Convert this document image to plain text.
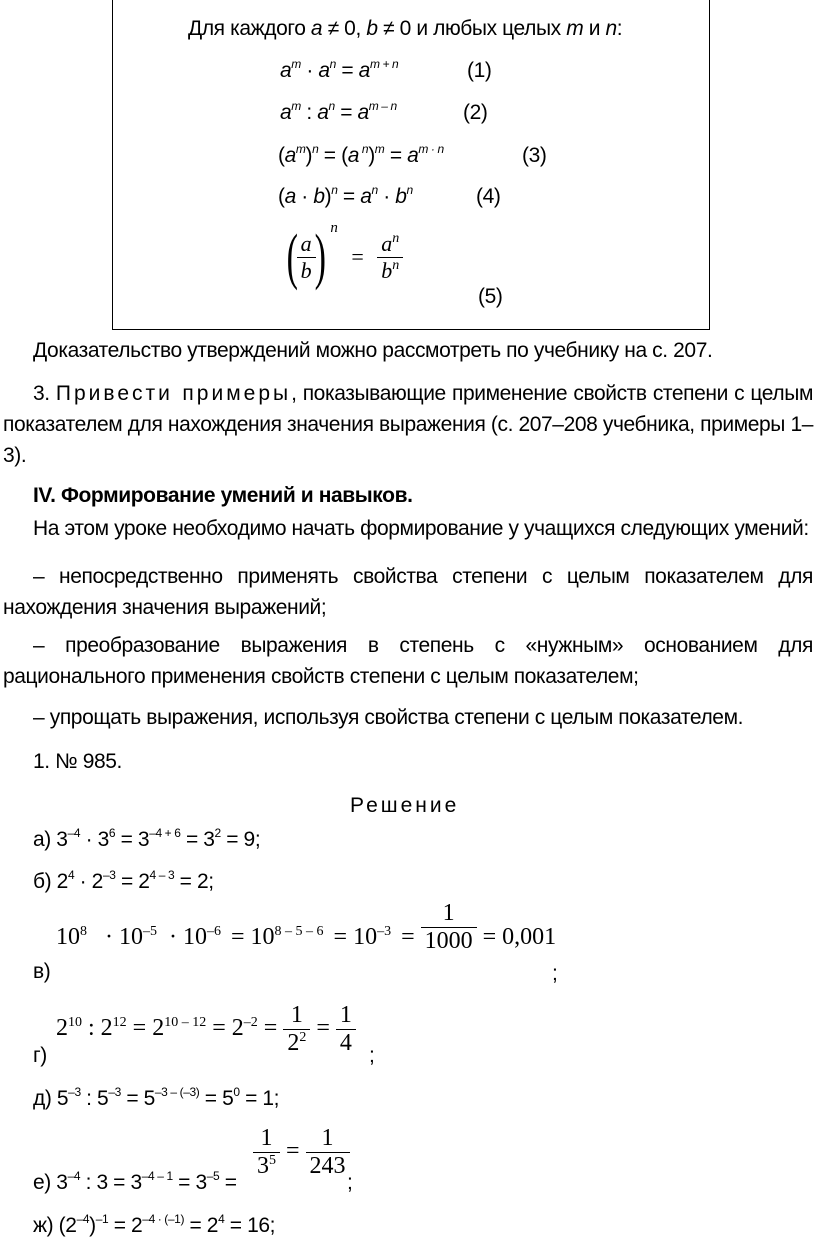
Для каждого a ≠ 0, b ≠ 0 и любых целых m и n:
$a^m \cdot a^n = a^{m + n}$	(1)
$a^m$ : $a^n = a^{m - n}$	(2)
$(a^m)^n = (a$ $^n)^m = a^{m \cdot n}$	(3)
$(a \cdot b)^n = a^n \cdot b^n$	(4)
(
$\frac{a}{b}$
) $^n = \frac{a^n}{b^n}$
(5)
Доказательство утверждений можно рассмотреть по учебнику на с. 207.
3. Привести примеры, показывающие применение свойств степени с целым показателем для нахождения значения выражения (с. 207–208 учебника, примеры 1–3).
IV. Формирование умений и навыков.
На этом уроке необходимо начать формирование у учащихся следующих умений:
– непосредственно применять свойства степени с целым показателем для нахождения значения выражений;
– преобразование выражения в степень с «нужным» основанием для рационального применения свойств степени с целым показателем;
– упрощать выражения, используя свойства степени с целым показателем.
1. № 985.
Решение
а) $3^{-4} \cdot 3^6 = 3^{-4 + 6} = 3^2 = 9$;
б) $2^4 \cdot 2^{-3} = 2^{4 - 3} = 2$;
в)
$10^8 \cdot 10^{-5} \cdot 10^{-6} = 10^{8 - 5 - 6} = 10^{-3} = \frac{1}{1000} = 0,001$
;
г)
$2^{10}$ : $2^{12} = 2^{10 - 12} = 2^{-2} = \frac{1}{2^2} = \frac{1}{4}$ ;
д) $5^{-3}$ : $5^{-3} = 5^{-3 - (-3)} = 5^0 = 1$;
е) $3^{-4}$ : $3 = 3^{-4 - 1} = 3^{-5}$ =
$\frac{1}{3^5} = \frac{1}{243}$
;
ж) $(2^{-4})^{-1} = 2^{-4 \cdot (-1)} = 2^4 = 16$;
